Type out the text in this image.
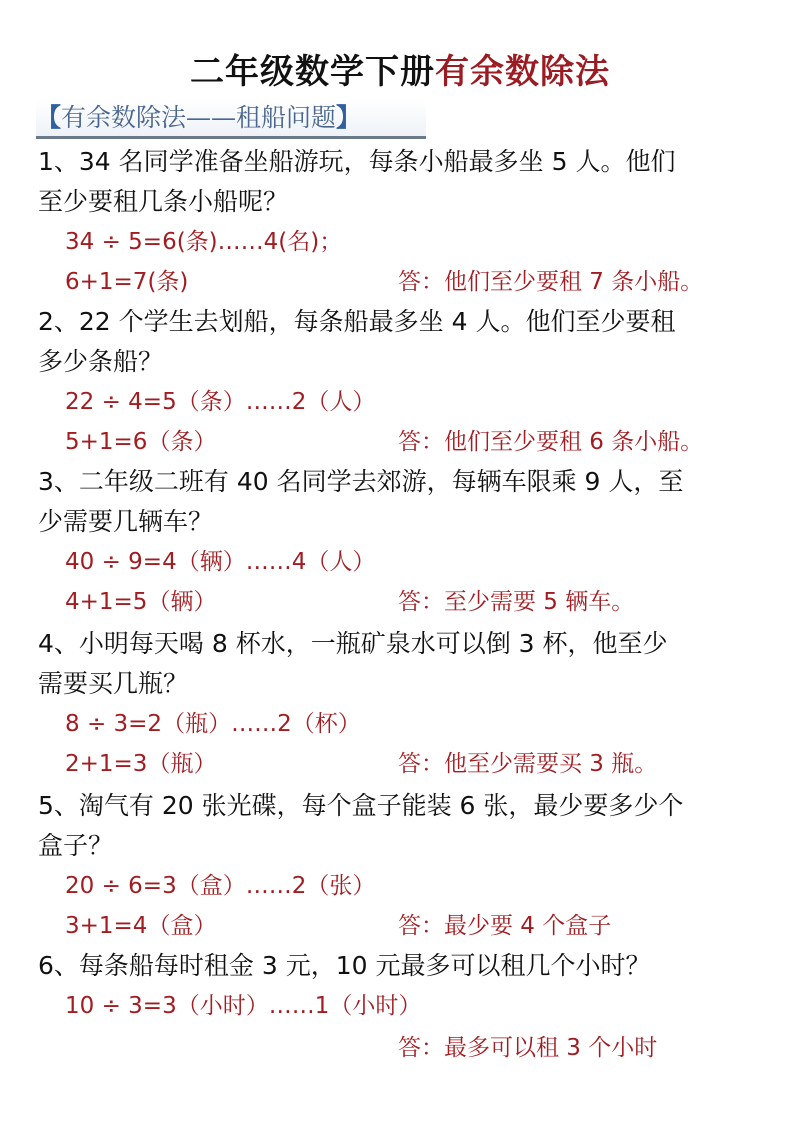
二年级数学下册有余数除法
【有余数除法——租船问题】
1、34 名同学准备坐船游玩，每条小船最多坐 5 人。他们
至少要租几条小船呢？
34 ÷ 5=6(条)……4(名)；
6+1=7(条)	答：他们至少要租 7 条小船。
2、22 个学生去划船，每条船最多坐 4 人。他们至少要租
多少条船？
22 ÷ 4=5（条）……2（人）
5+1=6（条）	答：他们至少要租 6 条小船。
3、二年级二班有 40 名同学去郊游，每辆车限乘 9 人，至
少需要几辆车？
40 ÷ 9=4（辆）……4（人）
4+1=5（辆）	答：至少需要 5 辆车。
4、小明每天喝 8 杯水，一瓶矿泉水可以倒 3 杯，他至少
需要买几瓶？
8 ÷ 3=2（瓶）……2（杯）
2+1=3（瓶）	答：他至少需要买 3 瓶。
5、淘气有 20 张光碟，每个盒子能装 6 张，最少要多少个
盒子？
20 ÷ 6=3（盒）……2（张）
3+1=4（盒）	答：最少要 4 个盒子
6、每条船每时租金 3 元，10 元最多可以租几个小时？
10 ÷ 3=3（小时）……1（小时）
答：最多可以租 3 个小时
